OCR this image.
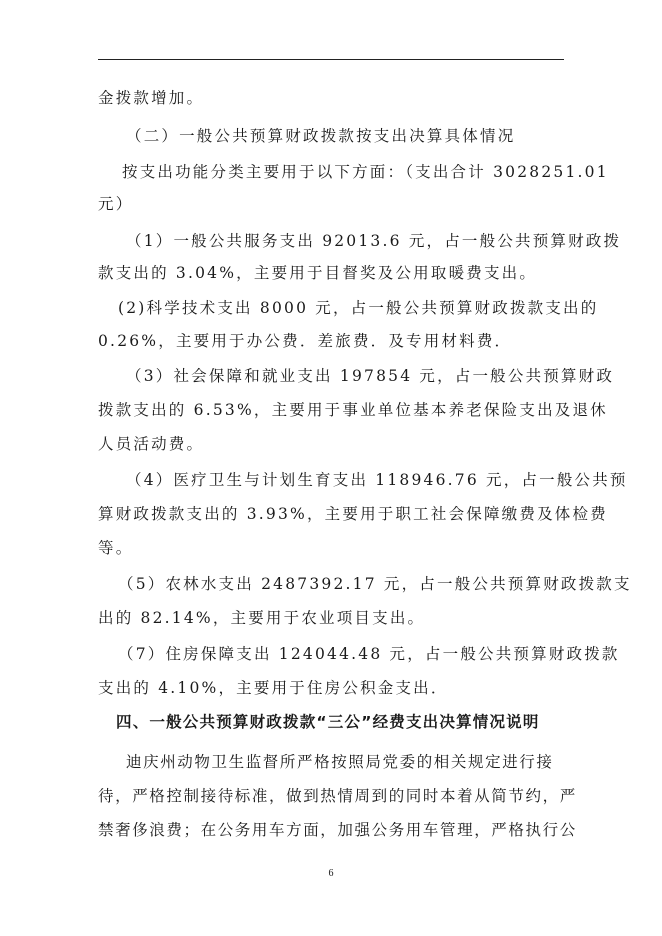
金拨款增加。
（二）一般公共预算财政拨款按支出决算具体情况
按支出功能分类主要用于以下方面：（支出合计 3028251.01
元）
（1）一般公共服务支出 92013.6 元，占一般公共预算财政拨
款支出的 3.04%，主要用于目督奖及公用取暖费支出。
(2)科学技术支出 8000 元，占一般公共预算财政拨款支出的
0.26%，主要用于办公费．差旅费．及专用材料费．
（3）社会保障和就业支出 197854 元，占一般公共预算财政
拨款支出的 6.53%，主要用于事业单位基本养老保险支出及退休
人员活动费。
（4）医疗卫生与计划生育支出 118946.76 元，占一般公共预
算财政拨款支出的 3.93%，主要用于职工社会保障缴费及体检费
等。
（5）农林水支出 2487392.17 元，占一般公共预算财政拨款支
出的 82.14%，主要用于农业项目支出。
（7）住房保障支出 124044.48 元，占一般公共预算财政拨款
支出的 4.10%，主要用于住房公积金支出．
四、一般公共预算财政拨款“三公”经费支出决算情况说明
迪庆州动物卫生监督所严格按照局党委的相关规定进行接
待，严格控制接待标准，做到热情周到的同时本着从简节约，严
禁奢侈浪费；在公务用车方面，加强公务用车管理，严格执行公
6
